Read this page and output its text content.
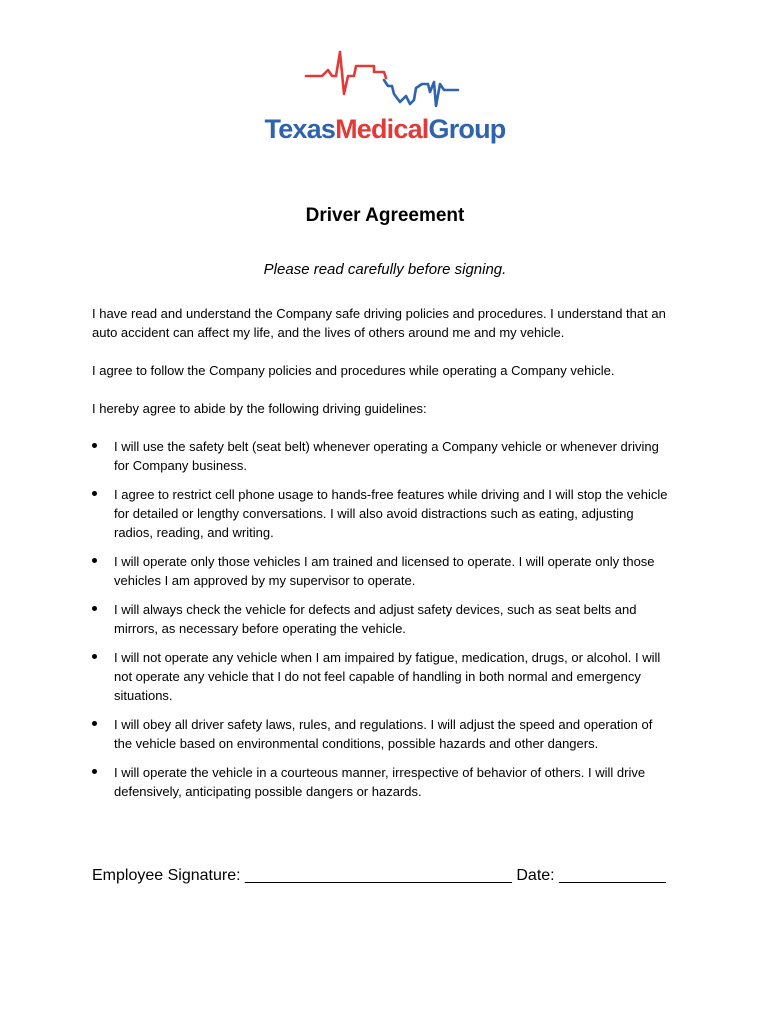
TexasMedicalGroup
Driver Agreement
Please read carefully before signing.

I have read and understand the Company safe driving policies and procedures. I understand that an auto accident can affect my life, and the lives of others around me and my vehicle.

I agree to follow the Company policies and procedures while operating a Company vehicle.

I hereby agree to abide by the following driving guidelines:

I will use the safety belt (seat belt) whenever operating a Company vehicle or whenever driving for Company business.
I agree to restrict cell phone usage to hands-free features while driving and I will stop the vehicle for detailed or lengthy conversations. I will also avoid distractions such as eating, adjusting radios, reading, and writing.
I will operate only those vehicles I am trained and licensed to operate. I will operate only those vehicles I am approved by my supervisor to operate.
I will always check the vehicle for defects and adjust safety devices, such as seat belts and mirrors, as necessary before operating the vehicle.
I will not operate any vehicle when I am impaired by fatigue, medication, drugs, or alcohol. I will not operate any vehicle that I do not feel capable of handling in both normal and emergency situations.
I will obey all driver safety laws, rules, and regulations. I will adjust the speed and operation of the vehicle based on environmental conditions, possible hazards and other dangers.
I will operate the vehicle in a courteous manner, irrespective of behavior of others. I will drive defensively, anticipating possible dangers or hazards.
Employee Signature: ______________________________ Date: ____________
